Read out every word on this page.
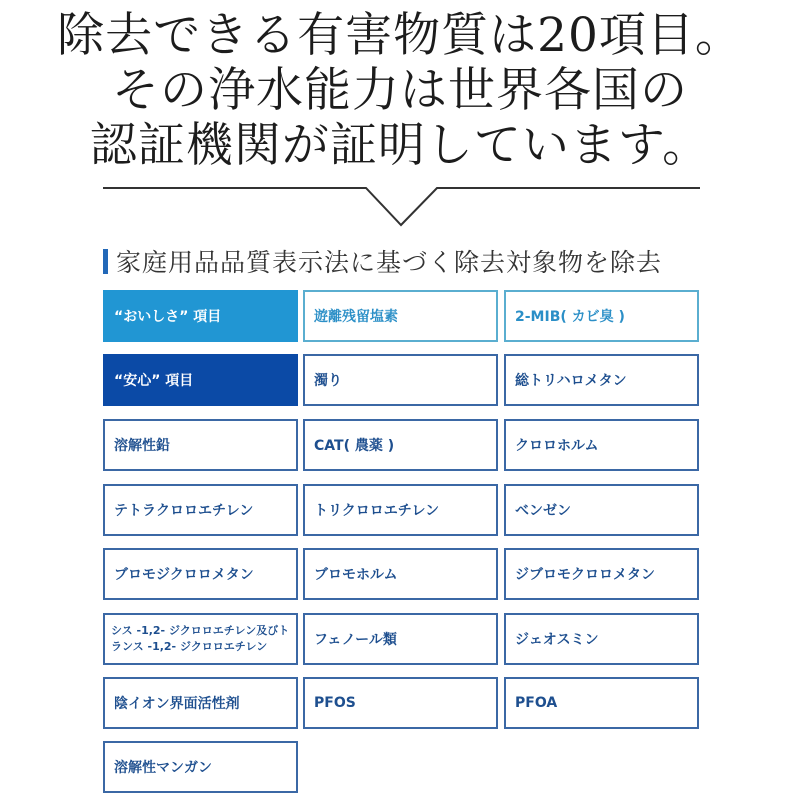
除去できる有害物質は20項目。
その浄水能力は世界各国の
認証機関が証明しています。
家庭用品品質表示法に基づく除去対象物を除去
“おいしさ” 項目	遊離残留塩素	2-MIB( カビ臭 )
“安心” 項目	濁り	総トリハロメタン
溶解性鉛	CAT( 農薬 )	クロロホルム
テトラクロロエチレン	トリクロロエチレン	ベンゼン
ブロモジクロロメタン	ブロモホルム	ジブロモクロロメタン
シス -1,2- ジクロロエチレン及びトランス -1,2- ジクロロエチレン	フェノール類	ジェオスミン
陰イオン界面活性剤	PFOS	PFOA
溶解性マンガン
